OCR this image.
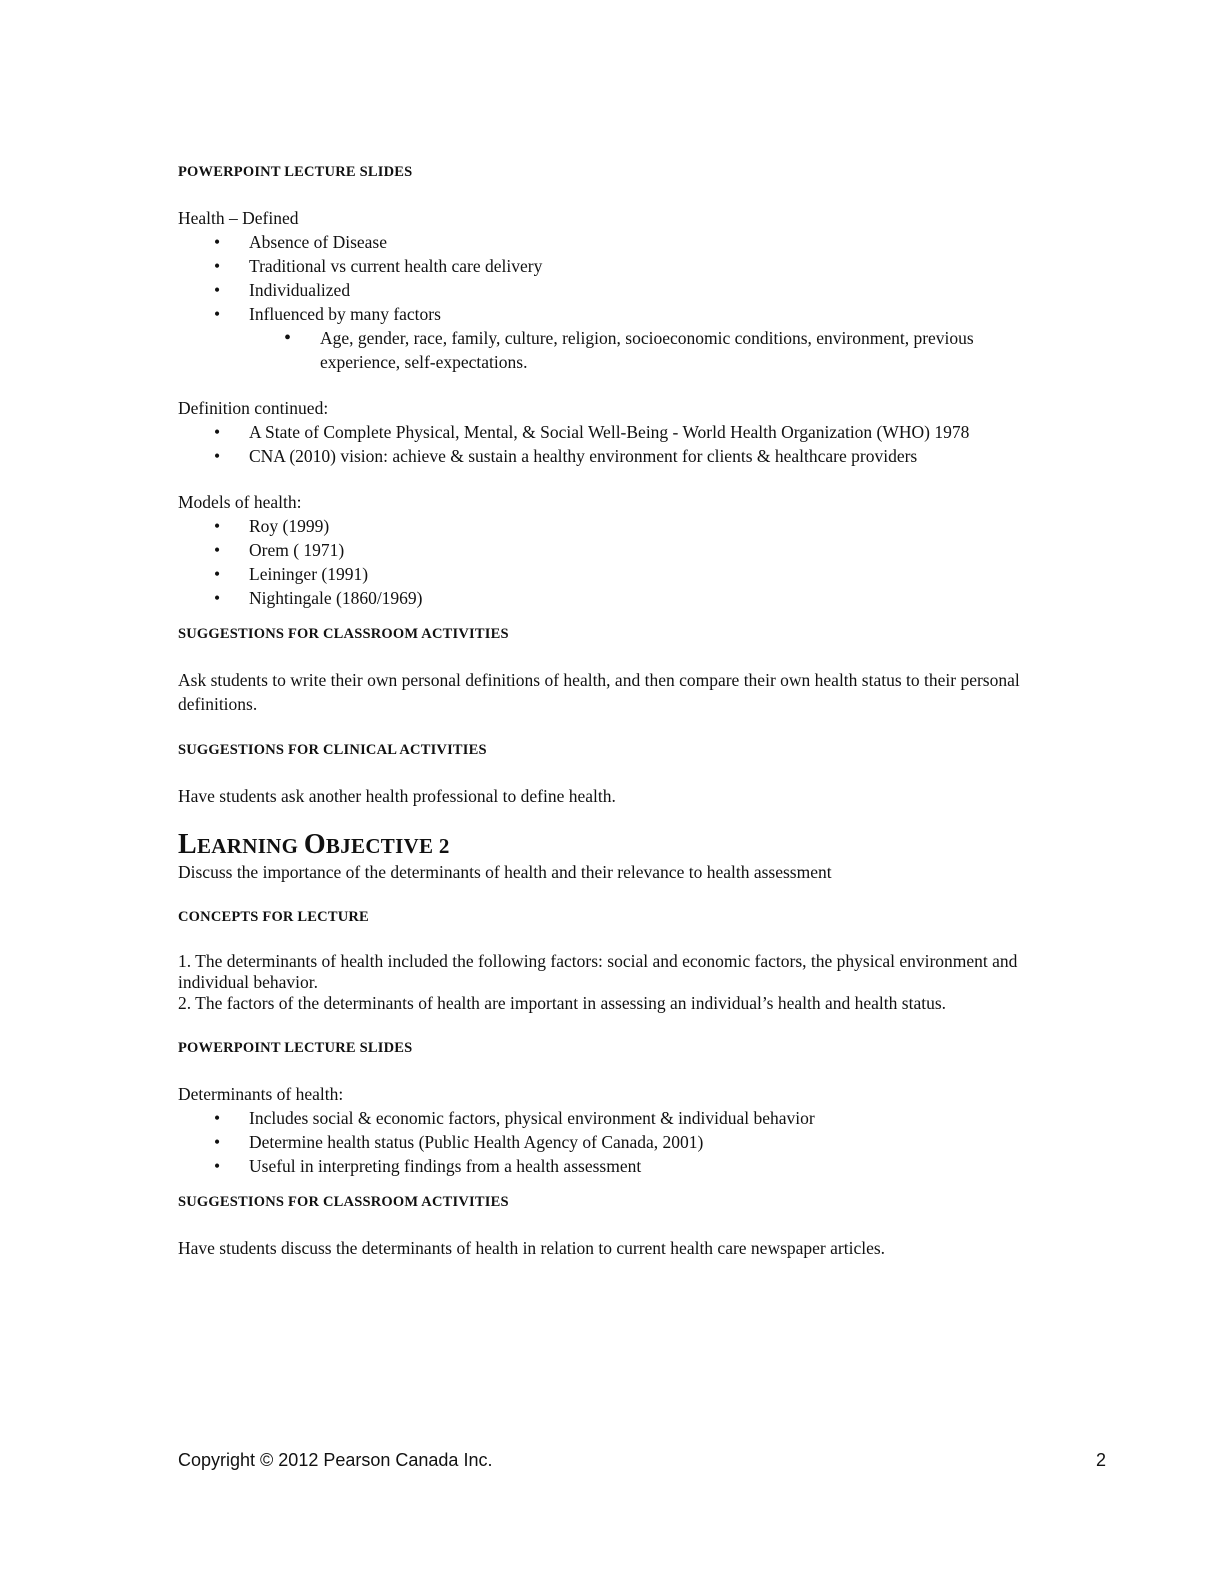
POWERPOINT LECTURE SLIDES

Health – Defined

• Absence of Disease
• Traditional vs current health care delivery
• Individualized
• Influenced by many factors
• Age, gender, race, family, culture, religion, socioeconomic conditions, environment, previous experience, self-expectations.

Definition continued:

• A State of Complete Physical, Mental, & Social Well-Being - World Health Organization (WHO) 1978
• CNA (2010) vision: achieve & sustain a healthy environment for clients & healthcare providers

Models of health:

• Roy (1999)
• Orem ( 1971)
• Leininger (1991)
• Nightingale (1860/1969)

SUGGESTIONS FOR CLASSROOM ACTIVITIES

Ask students to write their own personal definitions of health, and then compare their own health status to their personal definitions.

SUGGESTIONS FOR CLINICAL ACTIVITIES

Have students ask another health professional to define health.

LEARNING OBJECTIVE 2

Discuss the importance of the determinants of health and their relevance to health assessment

CONCEPTS FOR LECTURE

1. The determinants of health included the following factors: social and economic factors, the physical environment and individual behavior.

2. The factors of the determinants of health are important in assessing an individual’s health and health status.

POWERPOINT LECTURE SLIDES

Determinants of health:

• Includes social & economic factors, physical environment & individual behavior
• Determine health status (Public Health Agency of Canada, 2001)
• Useful in interpreting findings from a health assessment

SUGGESTIONS FOR CLASSROOM ACTIVITIES

Have students discuss the determinants of health in relation to current health care newspaper articles.

Copyright © 2012 Pearson Canada Inc.	2
